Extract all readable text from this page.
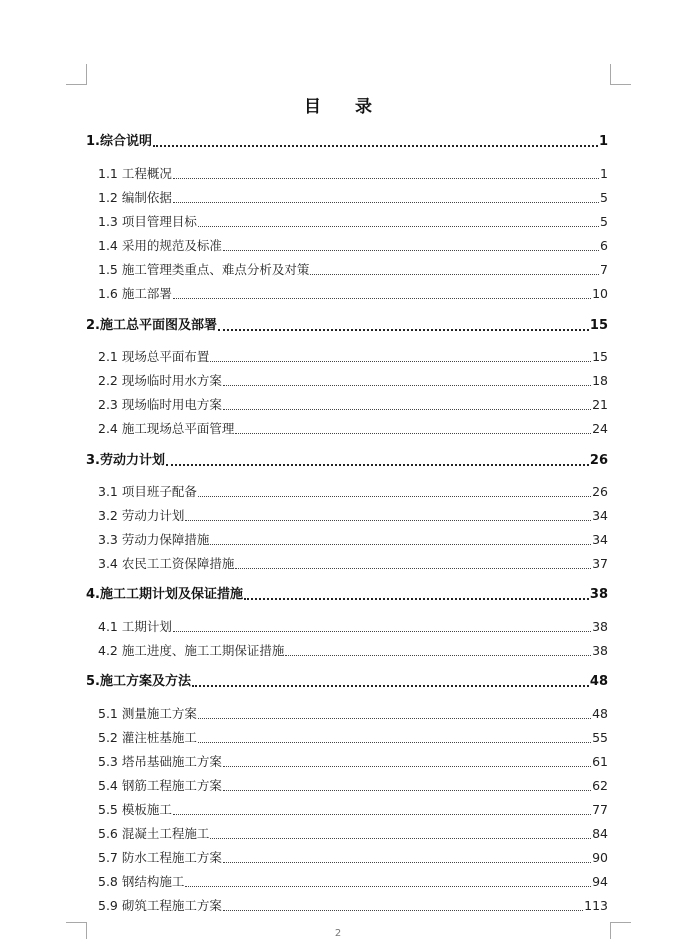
目 录
1.综合说明	1
1.1 工程概况	1
1.2 编制依据	5
1.3 项目管理目标	5
1.4 采用的规范及标准	6
1.5 施工管理类重点、难点分析及对策	7
1.6 施工部署	10
2.施工总平面图及部署	15
2.1 现场总平面布置	15
2.2 现场临时用水方案	18
2.3 现场临时用电方案	21
2.4 施工现场总平面管理	24
3.劳动力计划	26
3.1 项目班子配备	26
3.2 劳动力计划	34
3.3 劳动力保障措施	34
3.4 农民工工资保障措施	37
4.施工工期计划及保证措施	38
4.1 工期计划	38
4.2 施工进度、施工工期保证措施	38
5.施工方案及方法	48
5.1 测量施工方案	48
5.2 灌注桩基施工	55
5.3 塔吊基础施工方案	61
5.4 钢筋工程施工方案	62
5.5 模板施工	77
5.6 混凝土工程施工	84
5.7 防水工程施工方案	90
5.8 钢结构施工	94
5.9 砌筑工程施工方案	113
2
